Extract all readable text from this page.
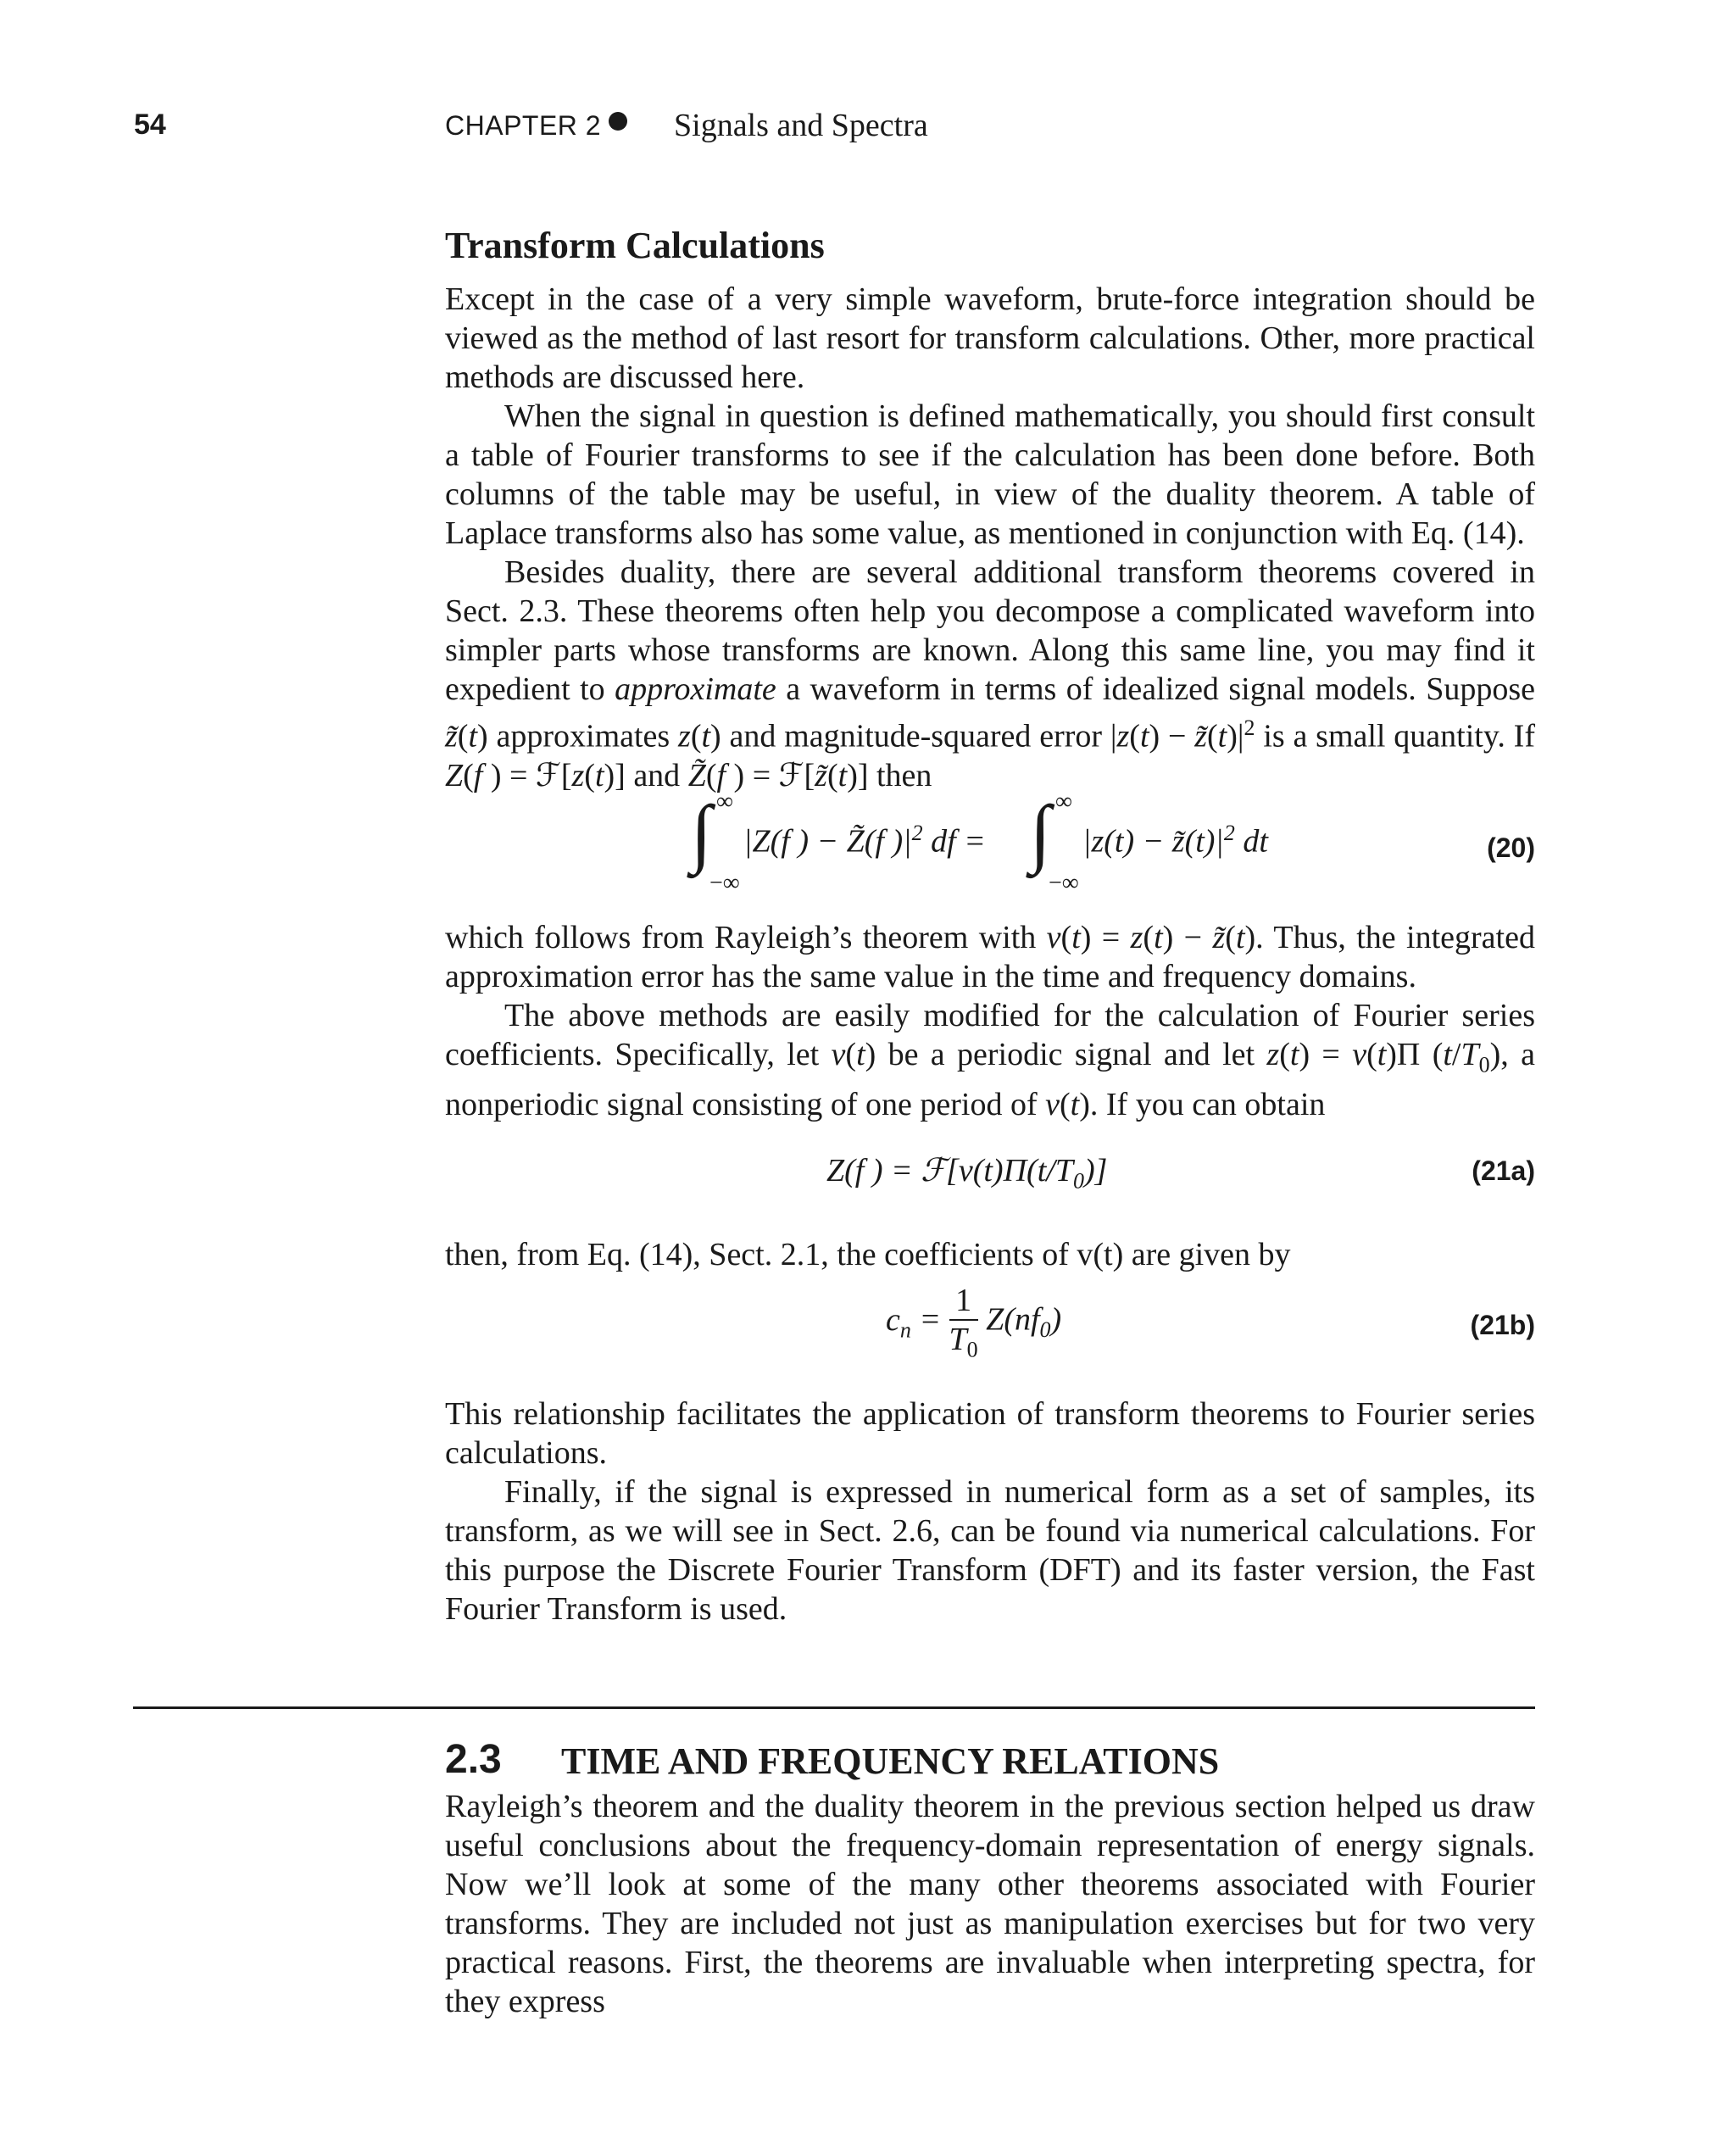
54	CHAPTER 2 Signals and Spectra
Transform Calculations

Except in the case of a very simple waveform, brute-force integration should be viewed as the method of last resort for transform calculations. Other, more practical methods are discussed here.

When the signal in question is defined mathematically, you should first consult a table of Fourier transforms to see if the calculation has been done before. Both columns of the table may be useful, in view of the duality theorem. A table of Laplace transforms also has some value, as mentioned in conjunction with Eq. (14).

Besides duality, there are several additional transform theorems covered in Sect. 2.3. These theorems often help you decompose a complicated waveform into simpler parts whose transforms are known. Along this same line, you may find it expedient to approximate a waveform in terms of idealized signal models. Suppose z̃(t) approximates z(t) and magnitude-squared error $|z(t) - z̃(t)|^2$ is a small quantity. If Z(f ) = ℱ[z(t)] and Z̃(f ) = ℱ[z̃(t)] then

∫ ∞
−∞
|Z(f ) − Z̃(f )$|^2$ df = ∫ ∞
−∞
$|z(t) - z̃(t)|^2$ dt	(20)

which follows from Rayleigh’s theorem with v(t) = z(t) − z̃(t). Thus, the integrated approximation error has the same value in the time and frequency domains.

The above methods are easily modified for the calculation of Fourier series coefficients. Specifically, let v(t) be a periodic signal and let z(t) = v(t)Π $(t/T_0)$, a nonperiodic signal consisting of one period of v(t). If you can obtain

Z(f ) = $ℱ[v(t)\Pi(t/T_0)]$	(21a)

then, from Eq. (14), Sect. 2.1, the coefficients of v(t) are given by

$c_n = \frac{1}{T_0} Z(nf_0)$	(21b)

This relationship facilitates the application of transform theorems to Fourier series calculations.

Finally, if the signal is expressed in numerical form as a set of samples, its transform, as we will see in Sect. 2.6, can be found via numerical calculations. For this purpose the Discrete Fourier Transform (DFT) and its faster version, the Fast Fourier Transform is used.

2.3 TIME AND FREQUENCY RELATIONS

Rayleigh’s theorem and the duality theorem in the previous section helped us draw useful conclusions about the frequency-domain representation of energy signals. Now we’ll look at some of the many other theorems associated with Fourier transforms. They are included not just as manipulation exercises but for two very practical reasons. First, the theorems are invaluable when interpreting spectra, for they express
